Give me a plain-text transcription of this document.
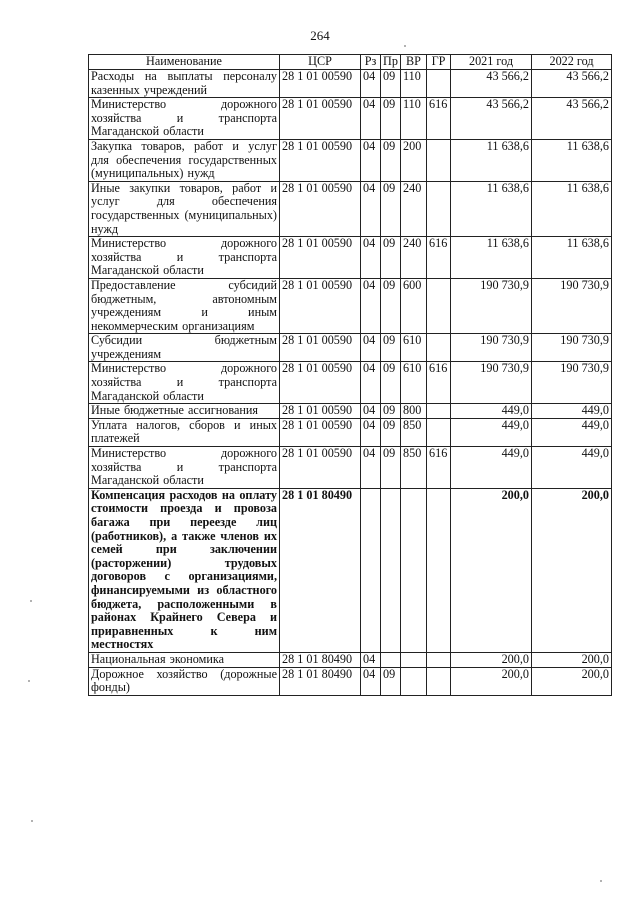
264
Наименование	ЦСР	Рз	Пр	ВР	ГР	2021 год	2022 год
Расходы на выплаты персоналу казенных учреждений	28 1 01 00590	04	09	110		43 566,2	43 566,2
Министерство дорожного хозяйства и транспорта Магаданской области	28 1 01 00590	04	09	110	616	43 566,2	43 566,2
Закупка товаров, работ и услуг для обеспечения государственных (муниципальных) нужд	28 1 01 00590	04	09	200		11 638,6	11 638,6
Иные закупки товаров, работ и услуг для обеспечения государственных (муниципальных) нужд	28 1 01 00590	04	09	240		11 638,6	11 638,6
Министерство дорожного хозяйства и транспорта Магаданской области	28 1 01 00590	04	09	240	616	11 638,6	11 638,6
Предоставление субсидий бюджетным, автономным учреждениям и иным некоммерческим организациям	28 1 01 00590	04	09	600		190 730,9	190 730,9
Субсидии бюджетным учреждениям	28 1 01 00590	04	09	610		190 730,9	190 730,9
Министерство дорожного хозяйства и транспорта Магаданской области	28 1 01 00590	04	09	610	616	190 730,9	190 730,9
Иные бюджетные ассигнования	28 1 01 00590	04	09	800		449,0	449,0
Уплата налогов, сборов и иных платежей	28 1 01 00590	04	09	850		449,0	449,0
Министерство дорожного хозяйства и транспорта Магаданской области	28 1 01 00590	04	09	850	616	449,0	449,0
Компенсация расходов на оплату стоимости проезда и провоза багажа при переезде лиц (работников), а также членов их семей при заключении (расторжении) трудовых договоров с организациями, финансируемыми из областного бюджета, расположенными в районах Крайнего Севера и приравненных к ним местностях	28 1 01 80490					200,0	200,0
Национальная экономика	28 1 01 80490	04				200,0	200,0
Дорожное хозяйство (дорожные фонды)	28 1 01 80490	04	09			200,0	200,0
